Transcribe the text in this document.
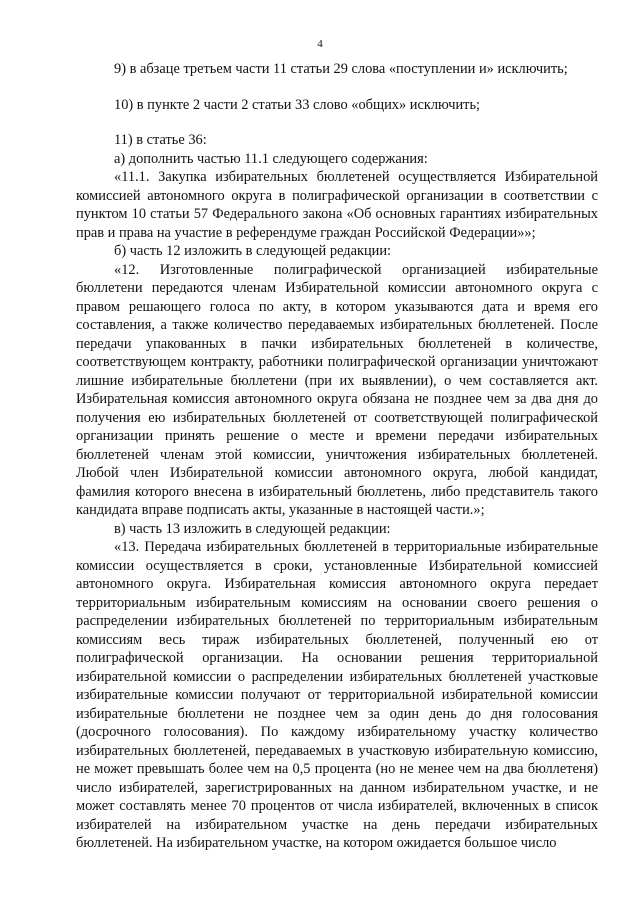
4

9) в абзаце третьем части 11 статьи 29 слова «поступлении и» исключить;

10) в пункте 2 части 2 статьи 33 слово «общих» исключить;

11) в статье 36:

а) дополнить частью 11.1 следующего содержания:

«11.1. Закупка избирательных бюллетеней осуществляется Избирательной комиссией автономного округа в полиграфической организации в соответствии с пунктом 10 статьи 57 Федерального закона «Об основных гарантиях избирательных прав и права на участие в референдуме граждан Российской Федерации»»;

б) часть 12 изложить в следующей редакции:

«12. Изготовленные полиграфической организацией избирательные бюллетени передаются членам Избирательной комиссии автономного округа с правом решающего голоса по акту, в котором указываются дата и время его составления, а также количество передаваемых избирательных бюллетеней. После передачи упакованных в пачки избирательных бюллетеней в количестве, соответствующем контракту, работники полиграфической организации уничтожают лишние избирательные бюллетени (при их выявлении), о чем составляется акт. Избирательная комиссия автономного округа обязана не позднее чем за два дня до получения ею избирательных бюллетеней от соответствующей полиграфической организации принять решение о месте и времени передачи избирательных бюллетеней членам этой комиссии, уничтожения избирательных бюллетеней. Любой член Избирательной комиссии автономного округа, любой кандидат, фамилия которого внесена в избирательный бюллетень, либо представитель такого кандидата вправе подписать акты, указанные в настоящей части.»;

в) часть 13 изложить в следующей редакции:

«13. Передача избирательных бюллетеней в территориальные избирательные комиссии осуществляется в сроки, установленные Избирательной комиссией автономного округа. Избирательная комиссия автономного округа передает территориальным избирательным комиссиям на основании своего решения о распределении избирательных бюллетеней по территориальным избирательным комиссиям весь тираж избирательных бюллетеней, полученный ею от полиграфической организации. На основании решения территориальной избирательной комиссии о распределении избирательных бюллетеней участковые избирательные комиссии получают от территориальной избирательной комиссии избирательные бюллетени не позднее чем за один день до дня голосования (досрочного голосования). По каждому избирательному участку количество избирательных бюллетеней, передаваемых в участковую избирательную комиссию, не может превышать более чем на 0,5 процента (но не менее чем на два бюллетеня) число избирателей, зарегистрированных на данном избирательном участке, и не может составлять менее 70 процентов от числа избирателей, включенных в список избирателей на избирательном участке на день передачи избирательных бюллетеней. На избирательном участке, на котором ожидается большое число
